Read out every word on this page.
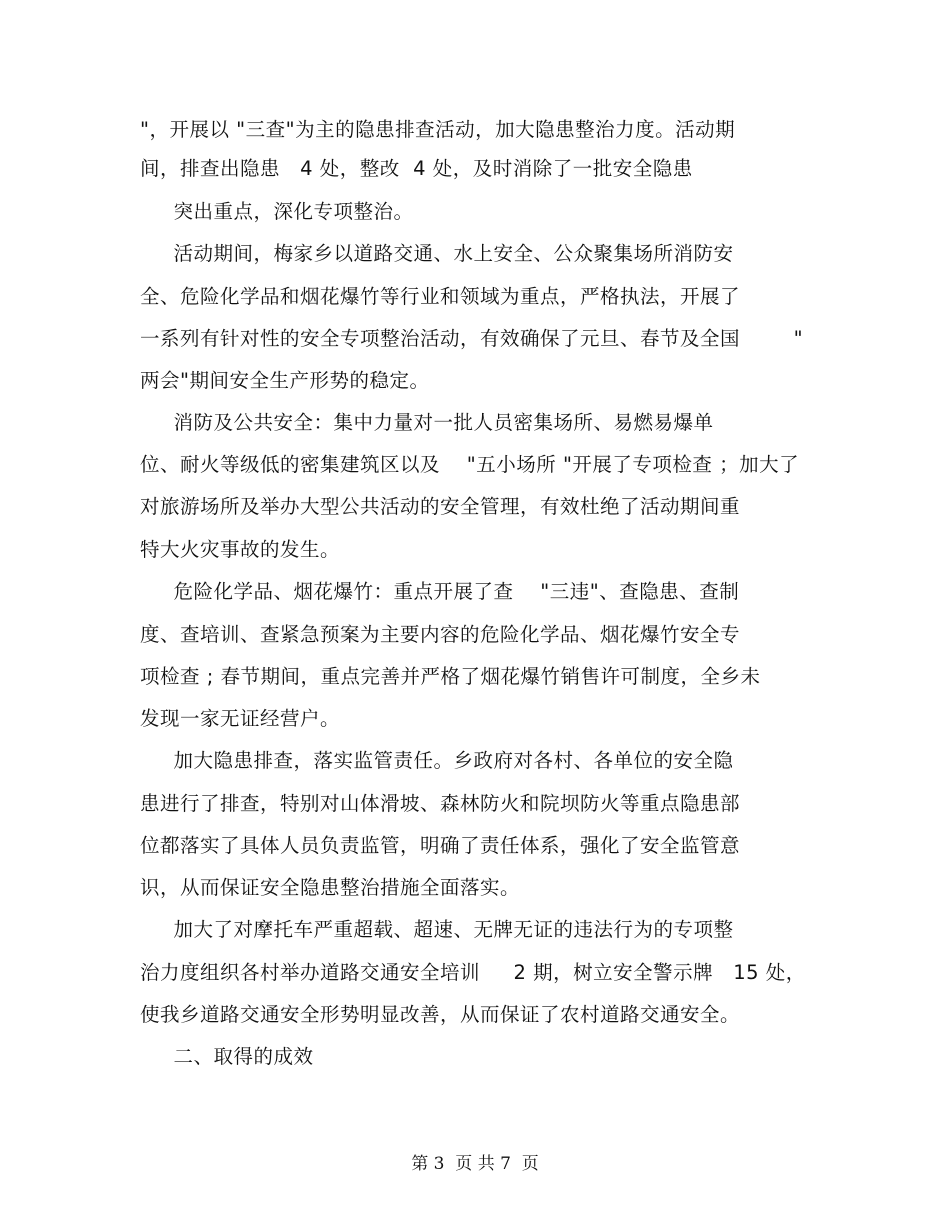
"，开展以 "三查"为主的隐患排查活动，加大隐患整治力度。活动期
间，排查出隐患   4 处，整改  4 处，及时消除了一批安全隐患
突出重点，深化专项整治。
活动期间，梅家乡以道路交通、水上安全、公众聚集场所消防安
全、危险化学品和烟花爆竹等行业和领域为重点，严格执法，开展了
一系列有针对性的安全专项整治活动，有效确保了元旦、春节及全国        "
两会"期间安全生产形势的稳定。
消防及公共安全：集中力量对一批人员密集场所、易燃易爆单
位、耐火等级低的密集建筑区以及    "五小场所 "开展了专项检查 ；加大了
对旅游场所及举办大型公共活动的安全管理，有效杜绝了活动期间重
特大火灾事故的发生。
危险化学品、烟花爆竹：重点开展了查    "三违"、查隐患、查制
度、查培训、查紧急预案为主要内容的危险化学品、烟花爆竹安全专
项检查 ; 春节期间，重点完善并严格了烟花爆竹销售许可制度，全乡未
发现一家无证经营户。
加大隐患排查，落实监管责任。乡政府对各村、各单位的安全隐
患进行了排查，特别对山体滑坡、森林防火和院坝防火等重点隐患部
位都落实了具体人员负责监管，明确了责任体系，强化了安全监管意
识，从而保证安全隐患整治措施全面落实。
加大了对摩托车严重超载、超速、无牌无证的违法行为的专项整
治力度组织各村举办道路交通安全培训     2 期，树立安全警示牌   15 处，
使我乡道路交通安全形势明显改善，从而保证了农村道路交通安全。
二、取得的成效
第 3  页 共 7  页
